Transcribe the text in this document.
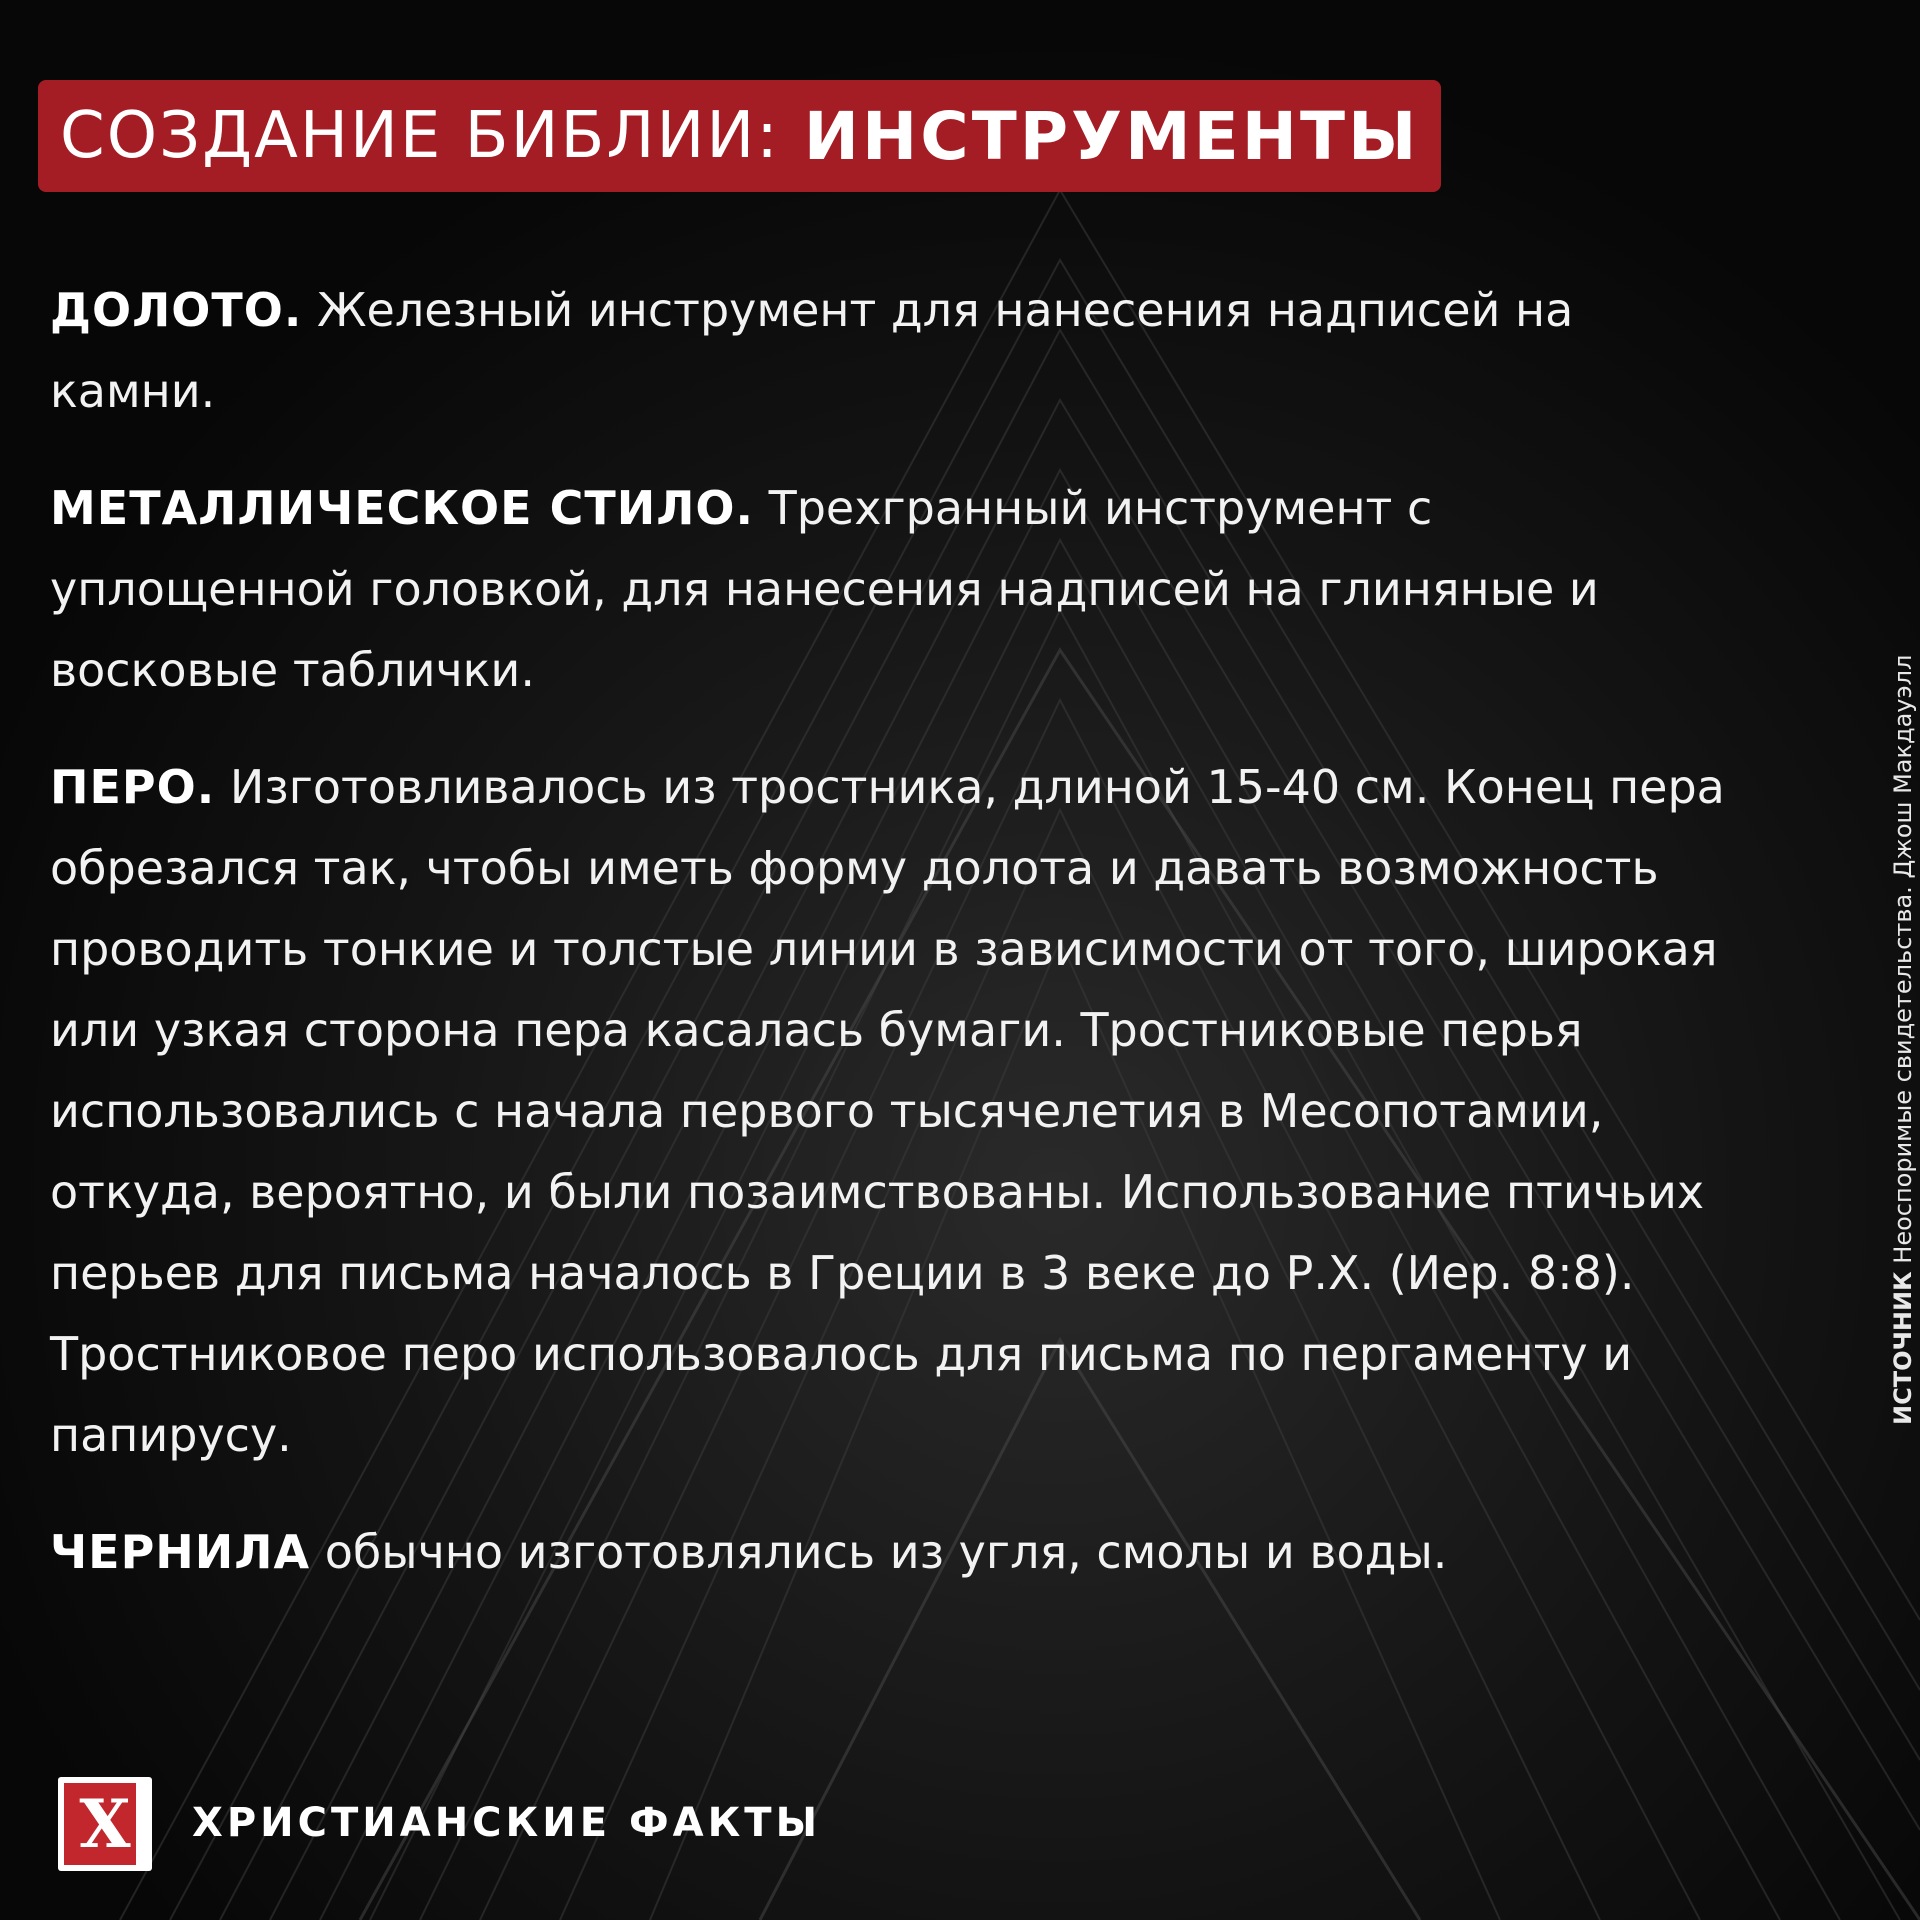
СОЗДАНИЕ БИБЛИИ: ИНСТРУМЕНТЫ

ДОЛОТО. Железный инструмент для нанесения надписей на камни.

МЕТАЛЛИЧЕСКОЕ СТИЛО. Трехгранный инструмент с уплощенной головкой, для нанесения надписей на глиняные и восковые таблички.

ПЕРО. Изготовливалось из тростника, длиной 15-40 см. Конец пера обрезался так, чтобы иметь форму долота и давать возможность проводить тонкие и толстые линии в зависимости от того, широкая или узкая сторона пера касалась бумаги. Тростниковые перья использовались с начала первого тысячелетия в Месопотамии, откуда, вероятно, и были позаимствованы. Использование птичьих перьев для письма началось в Греции в 3 веке до Р.Х. (Иер. 8:8). Тростниковое перо использовалось для письма по пергаменту и папирусу.

ЧЕРНИЛА обычно изготовлялись из угля, смолы и воды.

ИСТОЧНИК Неоспоримые свидетельства. Джош Макдауэлл
X	ХРИСТИАНСКИЕ ФАКТЫ
